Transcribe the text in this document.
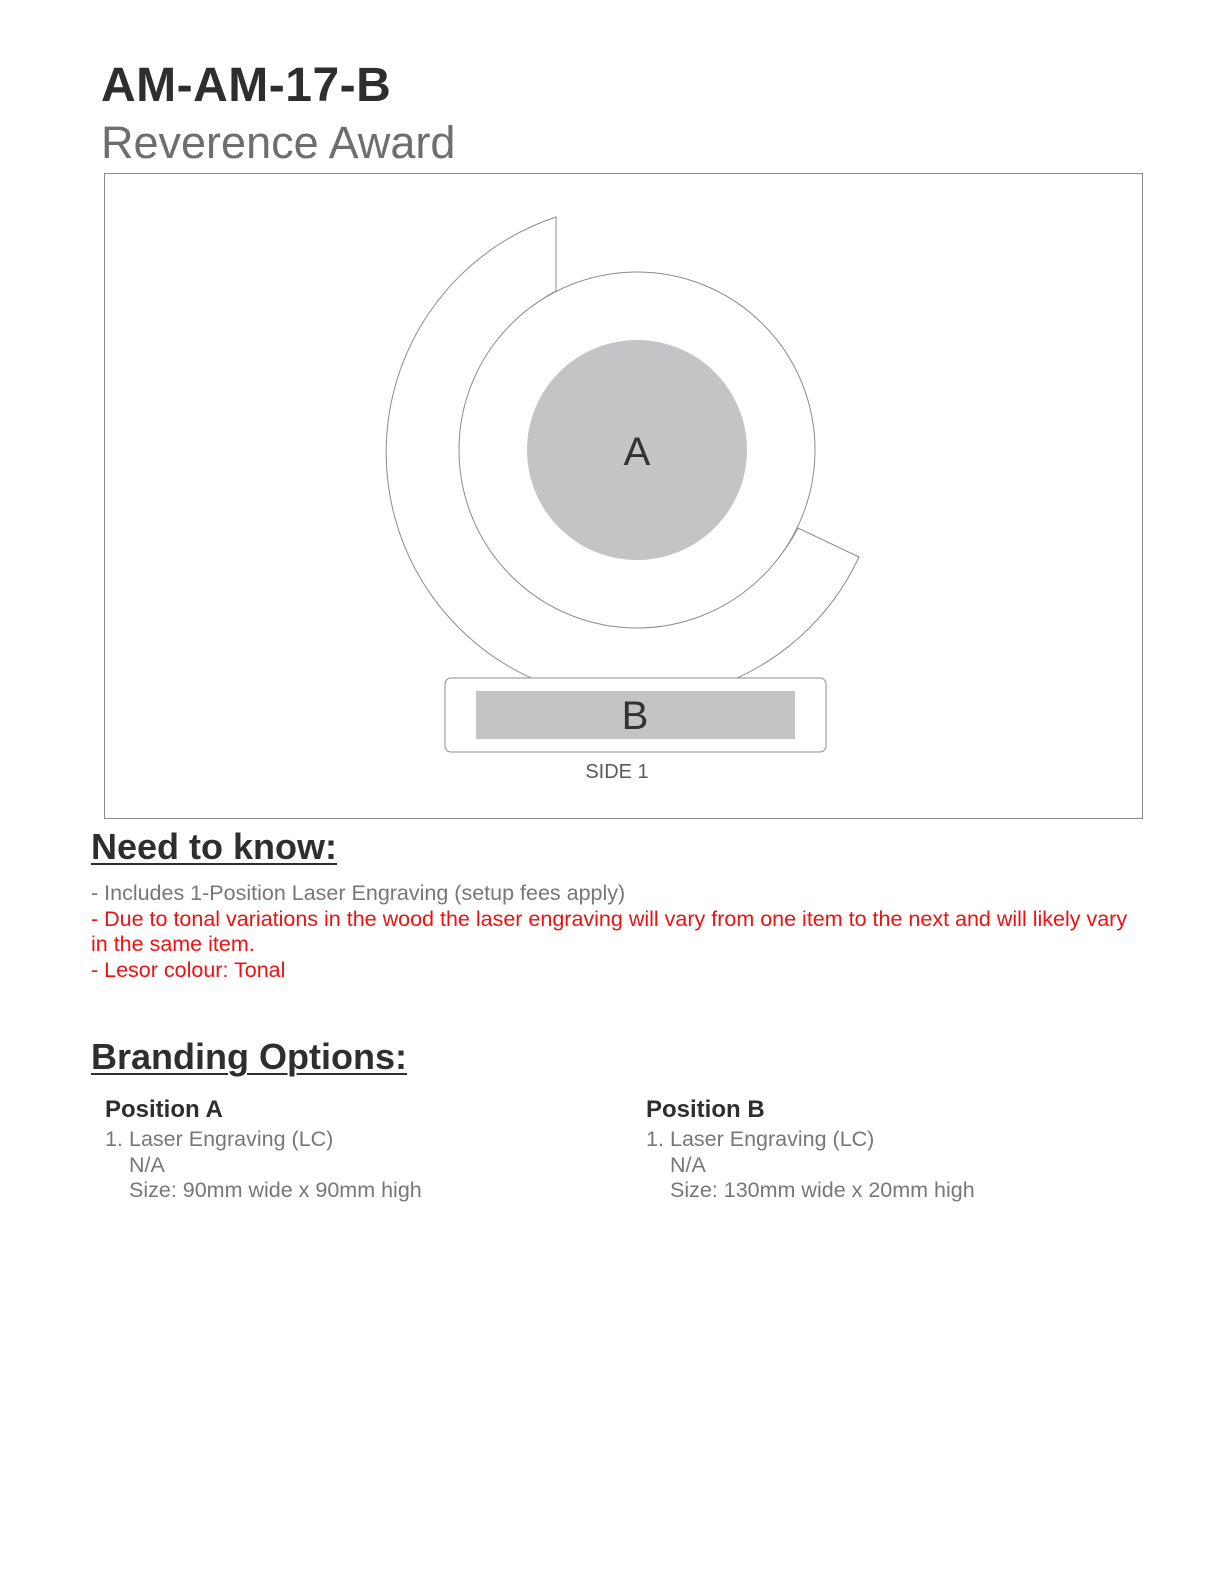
AM-AM-17-B
Reverence Award
A
B
SIDE 1
Need to know:

- Includes 1-Position Laser Engraving (setup fees apply)
- Due to tonal variations in the wood the laser engraving will vary from one item to the next and will likely vary in the same item.
- Lesor colour: Tonal

Branding Options:
Position A
1. Laser Engraving (LC)
N/A
Size: 90mm wide x 90mm high
Position B
1. Laser Engraving (LC)
N/A
Size: 130mm wide x 20mm high
